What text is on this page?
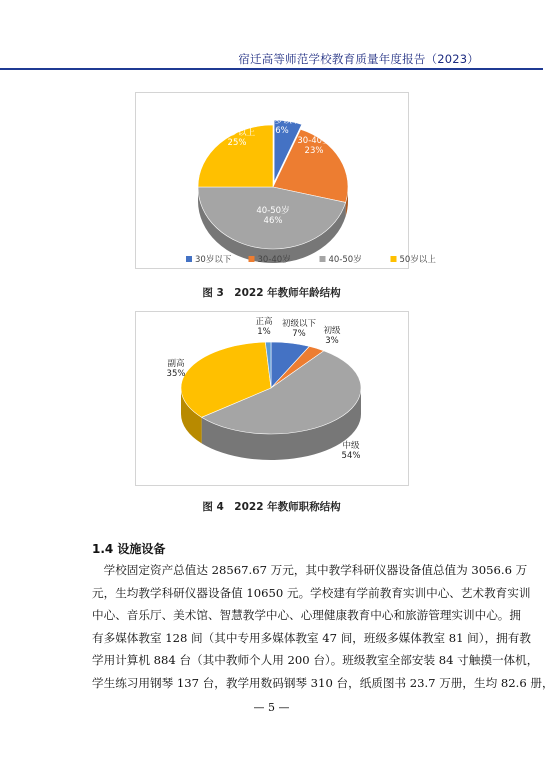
宿迁高等师范学校教育质量年度报告（2023）
30岁以下
6%
30-40岁
23%
40-50岁
46%
50岁以上
25%
30岁以下	30-40岁	40-50岁	50岁以上
图 3　2022 年教师年龄结构
初级以下
7% 初级
3%
中级
54%
副高
35%
正高
1%
图 4　2022 年教师职称结构
1.4 设施设备

　学校固定资产总值达 28567.67 万元，其中教学科研仪器设备值总值为 3056.6 万

元，生均教学科研仪器设备值 10650 元。学校建有学前教育实训中心、艺术教育实训

中心、音乐厅、美术馆、智慧教学中心、心理健康教育中心和旅游管理实训中心。拥

有多媒体教室 128 间（其中专用多媒体教室 47 间，班级多媒体教室 81 间），拥有教

学用计算机 884 台（其中教师个人用 200 台）。班级教室全部安装 84 寸触摸一体机，

学生练习用钢琴 137 台，教学用数码钢琴 310 台，纸质图书 23.7 万册，生均 82.6 册，

— 5 —
